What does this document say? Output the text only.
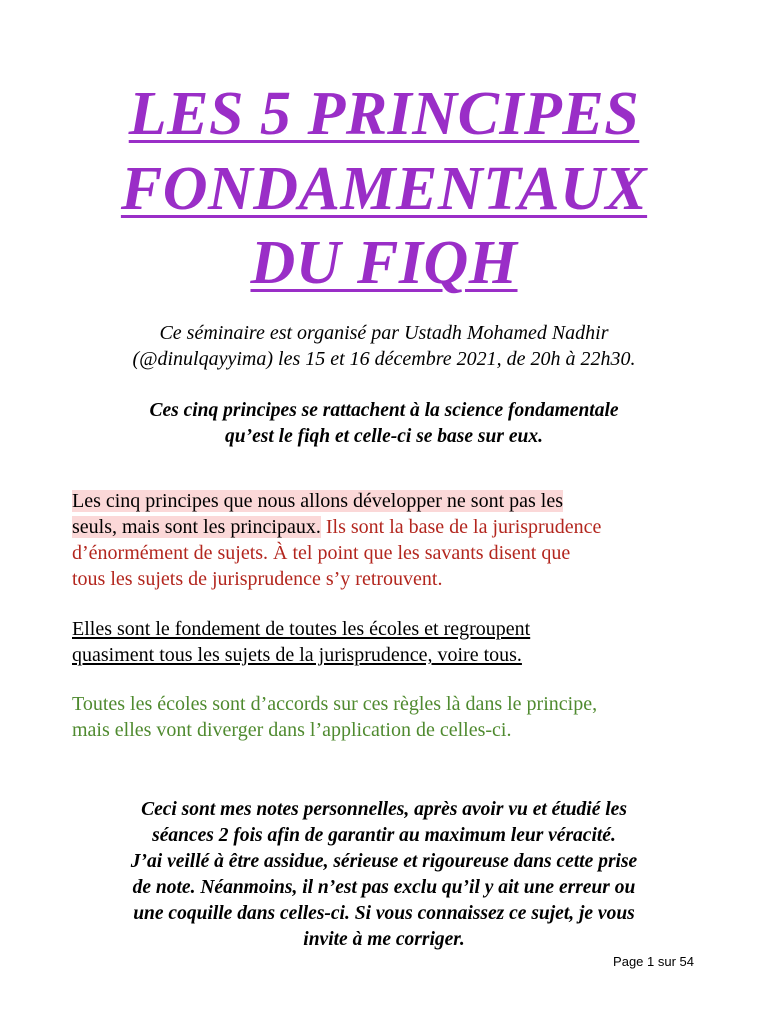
LES 5 PRINCIPES
FONDAMENTAUX
DU FIQH
Ce séminaire est organisé par Ustadh Mohamed Nadhir
(@dinulqayyima) les 15 et 16 décembre 2021, de 20h à 22h30.
Ces cinq principes se rattachent à la science fondamentale
qu’est le fiqh et celle-ci se base sur eux.
Les cinq principes que nous allons développer ne sont pas les
seuls, mais sont les principaux. Ils sont la base de la jurisprudence
d’énormément de sujets. À tel point que les savants disent que
tous les sujets de jurisprudence s’y retrouvent.
Elles sont le fondement de toutes les écoles et regroupent
quasiment tous les sujets de la jurisprudence, voire tous.
Toutes les écoles sont d’accords sur ces règles là dans le principe,
mais elles vont diverger dans l’application de celles-ci.
Ceci sont mes notes personnelles, après avoir vu et étudié les
séances 2 fois afin de garantir au maximum leur véracité.
J’ai veillé à être assidue, sérieuse et rigoureuse dans cette prise
de note. Néanmoins, il n’est pas exclu qu’il y ait une erreur ou
une coquille dans celles-ci. Si vous connaissez ce sujet, je vous
invite à me corriger.
Page 1 sur 54
